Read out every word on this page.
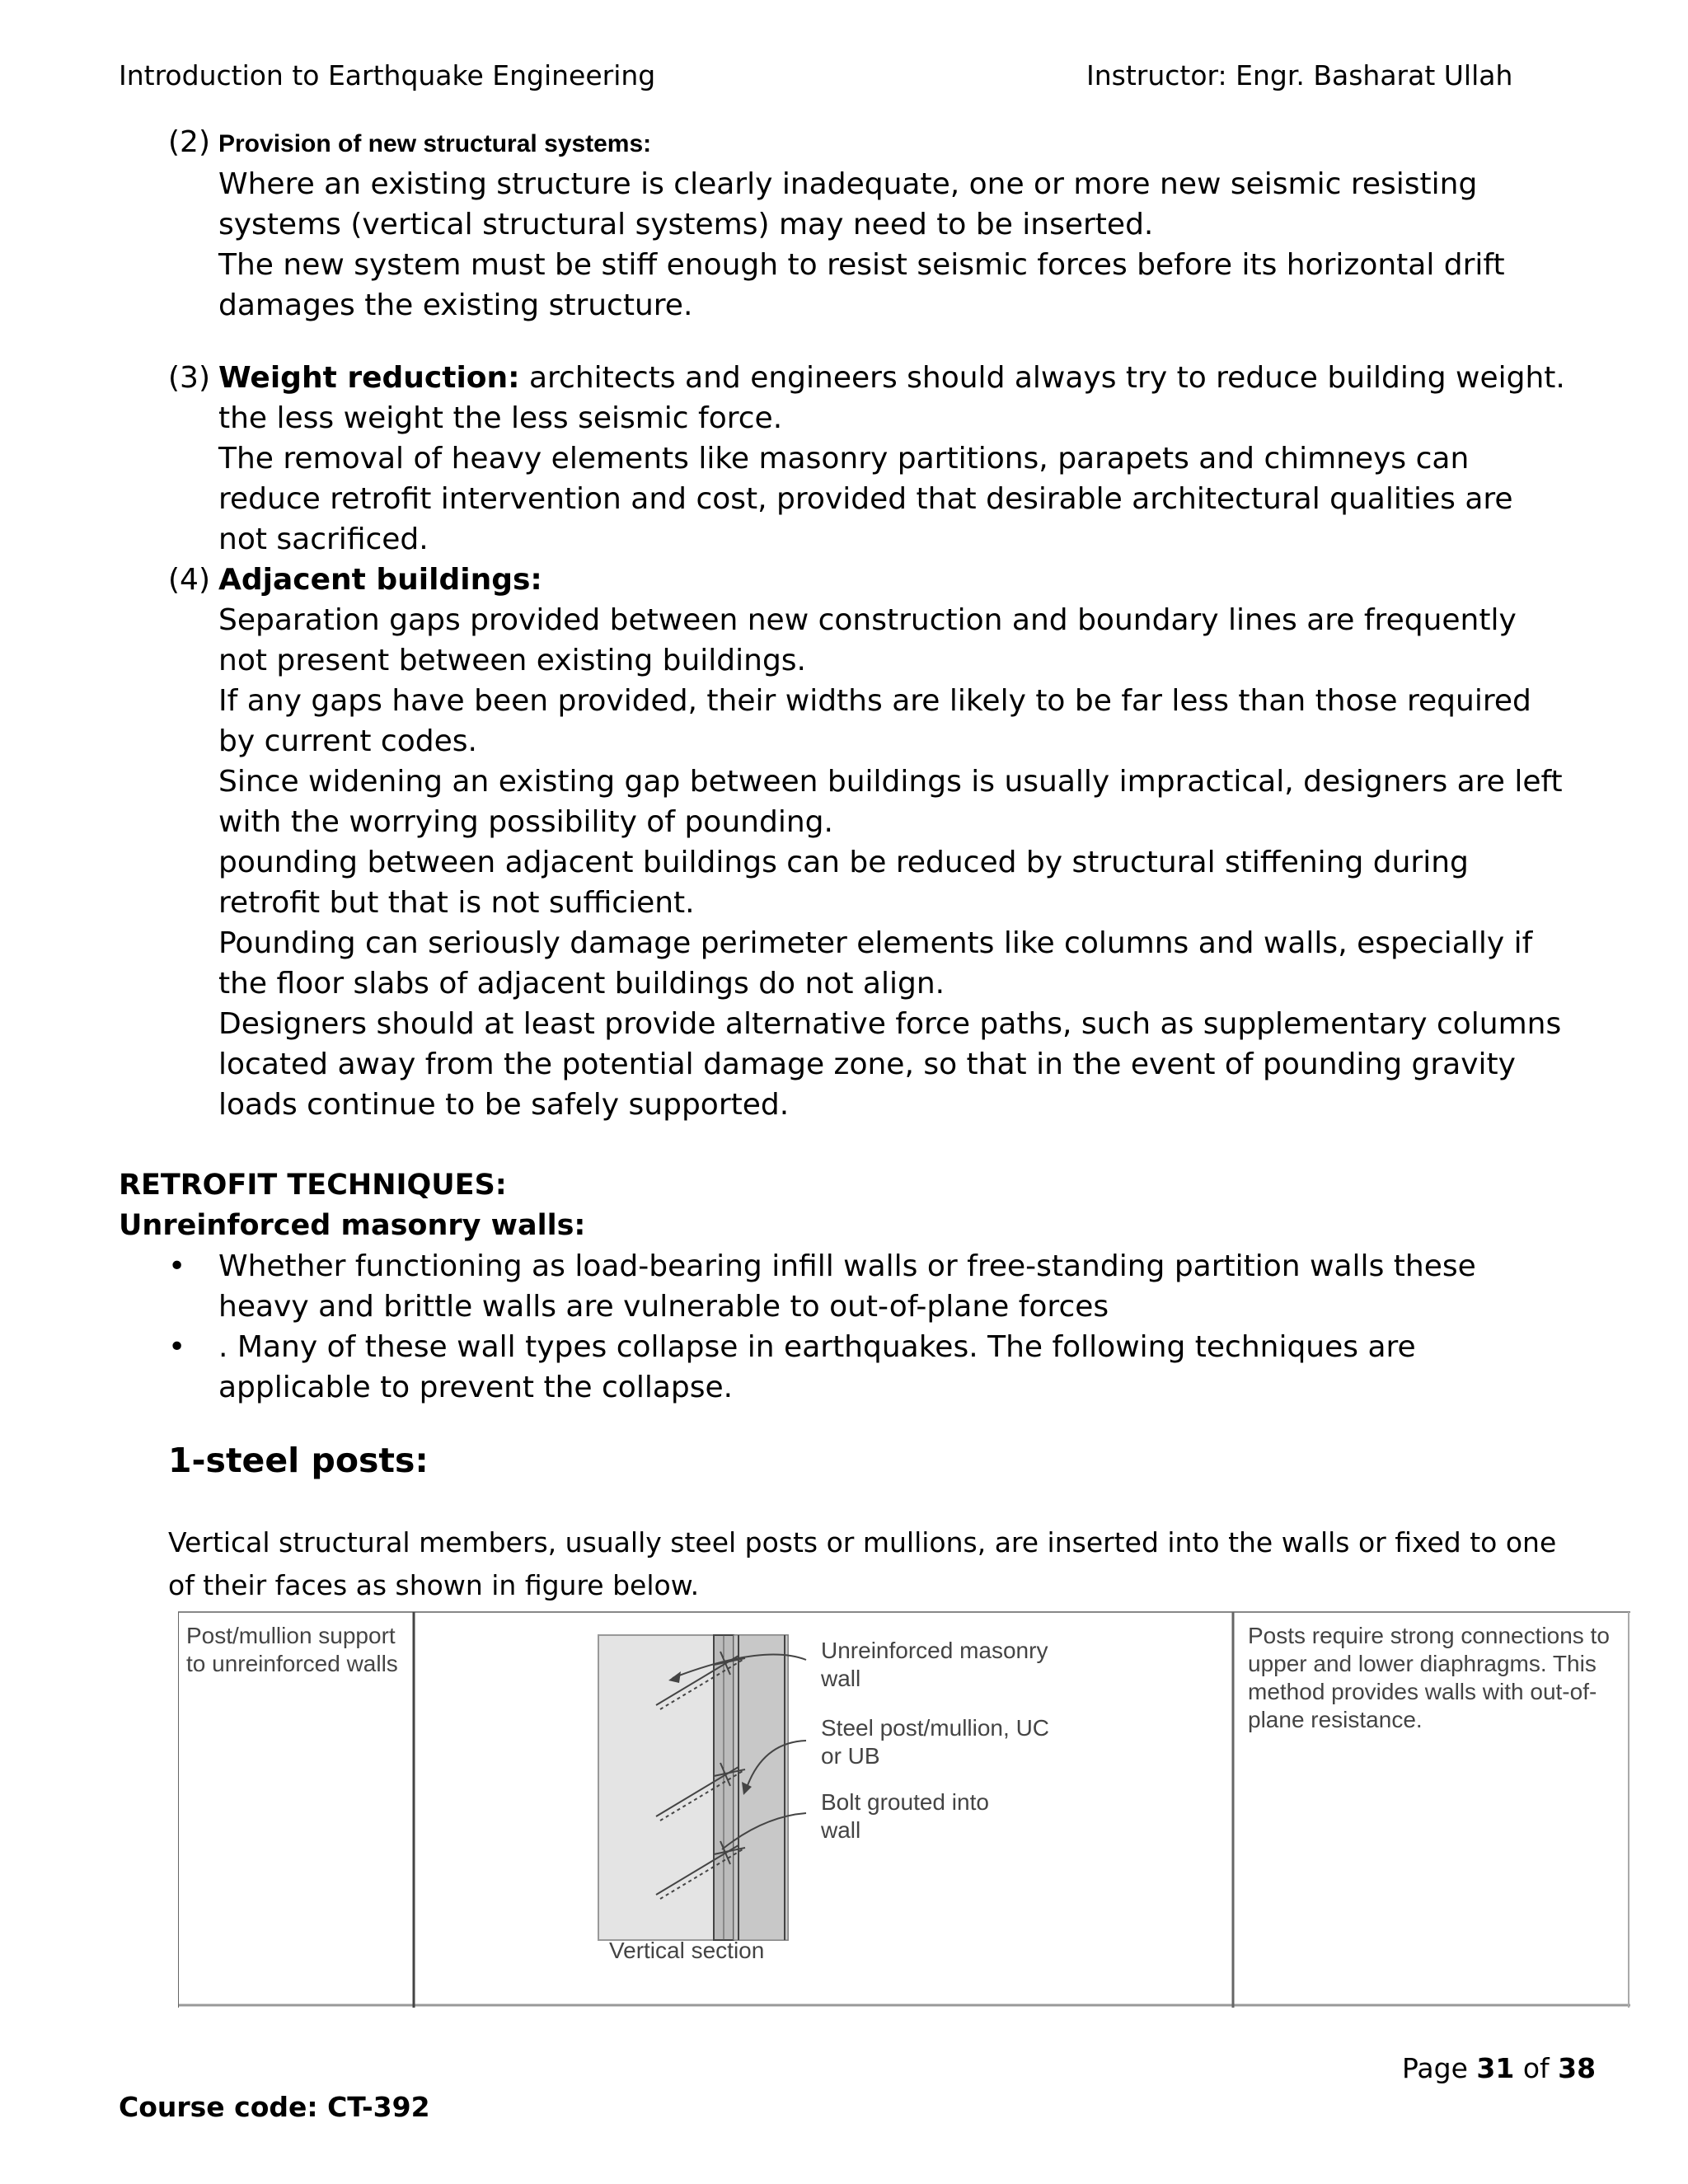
Introduction to Earthquake Engineering	Instructor: Engr. Basharat Ullah
(2) Provision of new structural systems:

Where an existing structure is clearly inadequate, one or more new seismic resisting systems (vertical structural systems) may need to be inserted.

The new system must be stiff enough to resist seismic forces before its horizontal drift damages the existing structure.

(3) Weight reduction: architects and engineers should always try to reduce building weight. the less weight the less seismic force.

The removal of heavy elements like masonry partitions, parapets and chimneys can reduce retrofit intervention and cost, provided that desirable architectural qualities are not sacrificed.

(4) Adjacent buildings:

Separation gaps provided between new construction and boundary lines are frequently not present between existing buildings.

If any gaps have been provided, their widths are likely to be far less than those required by current codes.

Since widening an existing gap between buildings is usually impractical, designers are left with the worrying possibility of pounding.

pounding between adjacent buildings can be reduced by structural stiffening during retrofit but that is not sufficient.

Pounding can seriously damage perimeter elements like columns and walls, especially if the floor slabs of adjacent buildings do not align.

Designers should at least provide alternative force paths, such as supplementary columns located away from the potential damage zone, so that in the event of pounding gravity loads continue to be safely supported.

RETROFIT TECHNIQUES:
Unreinforced masonry walls:
• Whether functioning as load-bearing infill walls or free-standing partition walls these heavy and brittle walls are vulnerable to out-of-plane forces
• . Many of these wall types collapse in earthquakes. The following techniques are applicable to prevent the collapse.
1-steel posts:
Vertical structural members, usually steel posts or mullions, are inserted into the walls or fixed to one of their faces as shown in figure below.
Post/mullion support to unreinforced walls
Posts require strong connections to upper and lower diaphragms. This method provides walls with out-of-plane resistance.
Unreinforced masonry wall
Steel post/mullion, UC or UB
Bolt grouted into wall
Vertical section
Page 31 of 38
Course code: CT-392
